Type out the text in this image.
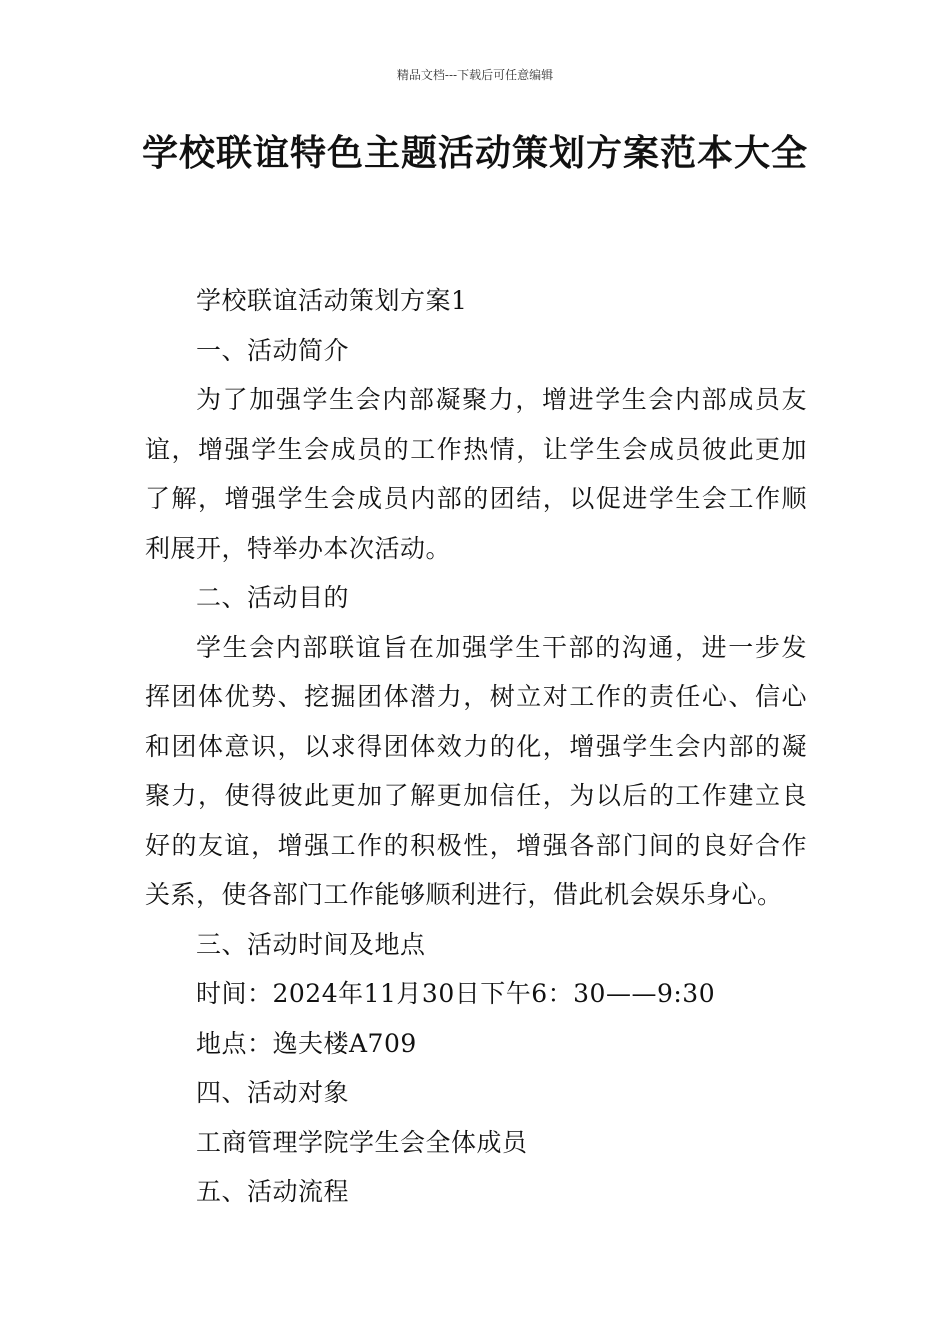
精品文档---下载后可任意编辑
学校联谊特色主题活动策划方案范本大全

学校联谊活动策划方案1

一、活动简介

为了加强学生会内部凝聚力，增进学生会内部成员友谊，增强学生会成员的工作热情，让学生会成员彼此更加了解，增强学生会成员内部的团结，以促进学生会工作顺利展开，特举办本次活动。

二、活动目的

学生会内部联谊旨在加强学生干部的沟通，进一步发挥团体优势、挖掘团体潜力，树立对工作的责任心、信心和团体意识，以求得团体效力的化，增强学生会内部的凝聚力，使得彼此更加了解更加信任，为以后的工作建立良好的友谊，增强工作的积极性，增强各部门间的良好合作关系，使各部门工作能够顺利进行，借此机会娱乐身心。

三、活动时间及地点

时间：2024年11月30日下午6：30——9:30

地点：逸夫楼A709

四、活动对象

工商管理学院学生会全体成员

五、活动流程
